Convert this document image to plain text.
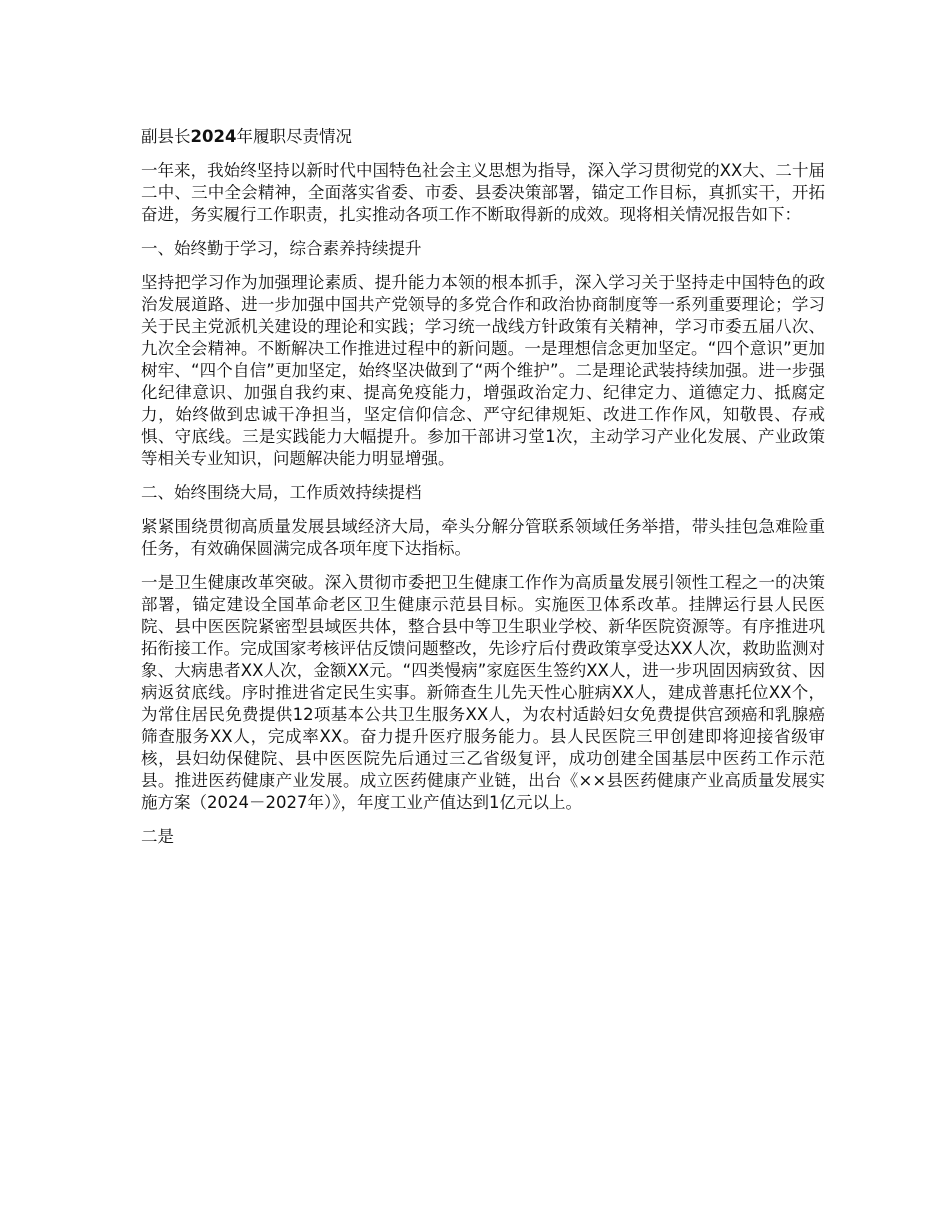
副县长2024年履职尽责情况

一年来，我始终坚持以新时代中国特色社会主义思想为指导，深入学习贯彻党的XX大、二十届二中、三中全会精神，全面落实省委、市委、县委决策部署，锚定工作目标，真抓实干，开拓奋进，务实履行工作职责，扎实推动各项工作不断取得新的成效。现将相关情况报告如下：

一、始终勤于学习，综合素养持续提升

坚持把学习作为加强理论素质、提升能力本领的根本抓手，深入学习关于坚持走中国特色的政治发展道路、进一步加强中国共产党领导的多党合作和政治协商制度等一系列重要理论；学习关于民主党派机关建设的理论和实践；学习统一战线方针政策有关精神，学习市委五届八次、九次全会精神。不断解决工作推进过程中的新问题。一是理想信念更加坚定。“四个意识”更加树牢、“四个自信”更加坚定，始终坚决做到了“两个维护”。二是理论武装持续加强。进一步强化纪律意识、加强自我约束、提高免疫能力，增强政治定力、纪律定力、道德定力、抵腐定力，始终做到忠诚干净担当，坚定信仰信念、严守纪律规矩、改进工作作风，知敬畏、存戒惧、守底线。三是实践能力大幅提升。参加干部讲习堂1次，主动学习产业化发展、产业政策等相关专业知识，问题解决能力明显增强。

二、始终围绕大局，工作质效持续提档

紧紧围绕贯彻高质量发展县域经济大局，牵头分解分管联系领域任务举措，带头挂包急难险重任务，有效确保圆满完成各项年度下达指标。

一是卫生健康改革突破。深入贯彻市委把卫生健康工作作为高质量发展引领性工程之一的决策部署，锚定建设全国革命老区卫生健康示范县目标。实施医卫体系改革。挂牌运行县人民医院、县中医医院紧密型县域医共体，整合县中等卫生职业学校、新华医院资源等。有序推进巩拓衔接工作。完成国家考核评估反馈问题整改，先诊疗后付费政策享受达XX人次，救助监测对象、大病患者XX人次，金额XX元。“四类慢病”家庭医生签约XX人，进一步巩固因病致贫、因病返贫底线。序时推进省定民生实事。新筛查生儿先天性心脏病XX人，建成普惠托位XX个，为常住居民免费提供12项基本公共卫生服务XX人，为农村适龄妇女免费提供宫颈癌和乳腺癌筛查服务XX人，完成率XX。奋力提升医疗服务能力。县人民医院三甲创建即将迎接省级审核，县妇幼保健院、县中医医院先后通过三乙省级复评，成功创建全国基层中医药工作示范县。推进医药健康产业发展。成立医药健康产业链，出台《××县医药健康产业高质量发展实施方案（2024－2027年）》，年度工业产值达到1亿元以上。

二是
